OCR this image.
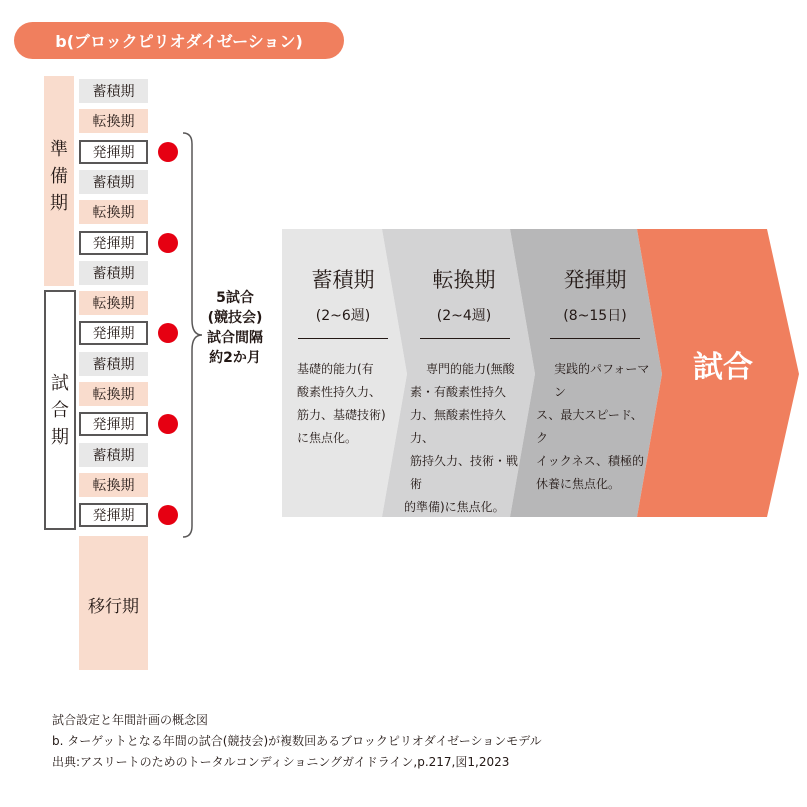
b(ブロックピリオダイゼーション)
準
備
期
試
合
期
移行期
蓄積期
転換期
発揮期
蓄積期
転換期
発揮期
蓄積期
転換期
発揮期
蓄積期
転換期
発揮期
蓄積期
転換期
発揮期
5試合
(競技会)
試合間隔
約2か月
蓄積期
(2~6週)
基礎的能力(有
酸素性持久力、
筋力、基礎技術)
に焦点化。
転換期
(2~4週)
専門的能力(無酸
素・有酸素性持久
力、無酸素性持久力、
筋持久力、技術・戦術
的準備)に焦点化。
発揮期
(8~15日)
実践的パフォーマン
ス、最大スピード、ク
イックネス、積極的
休養に焦点化。
試合
試合設定と年間計画の概念図
b. ターゲットとなる年間の試合(競技会)が複数回あるブロックピリオダイゼーションモデル
出典:アスリートのためのトータルコンディショニングガイドライン,p.217,図1,2023
